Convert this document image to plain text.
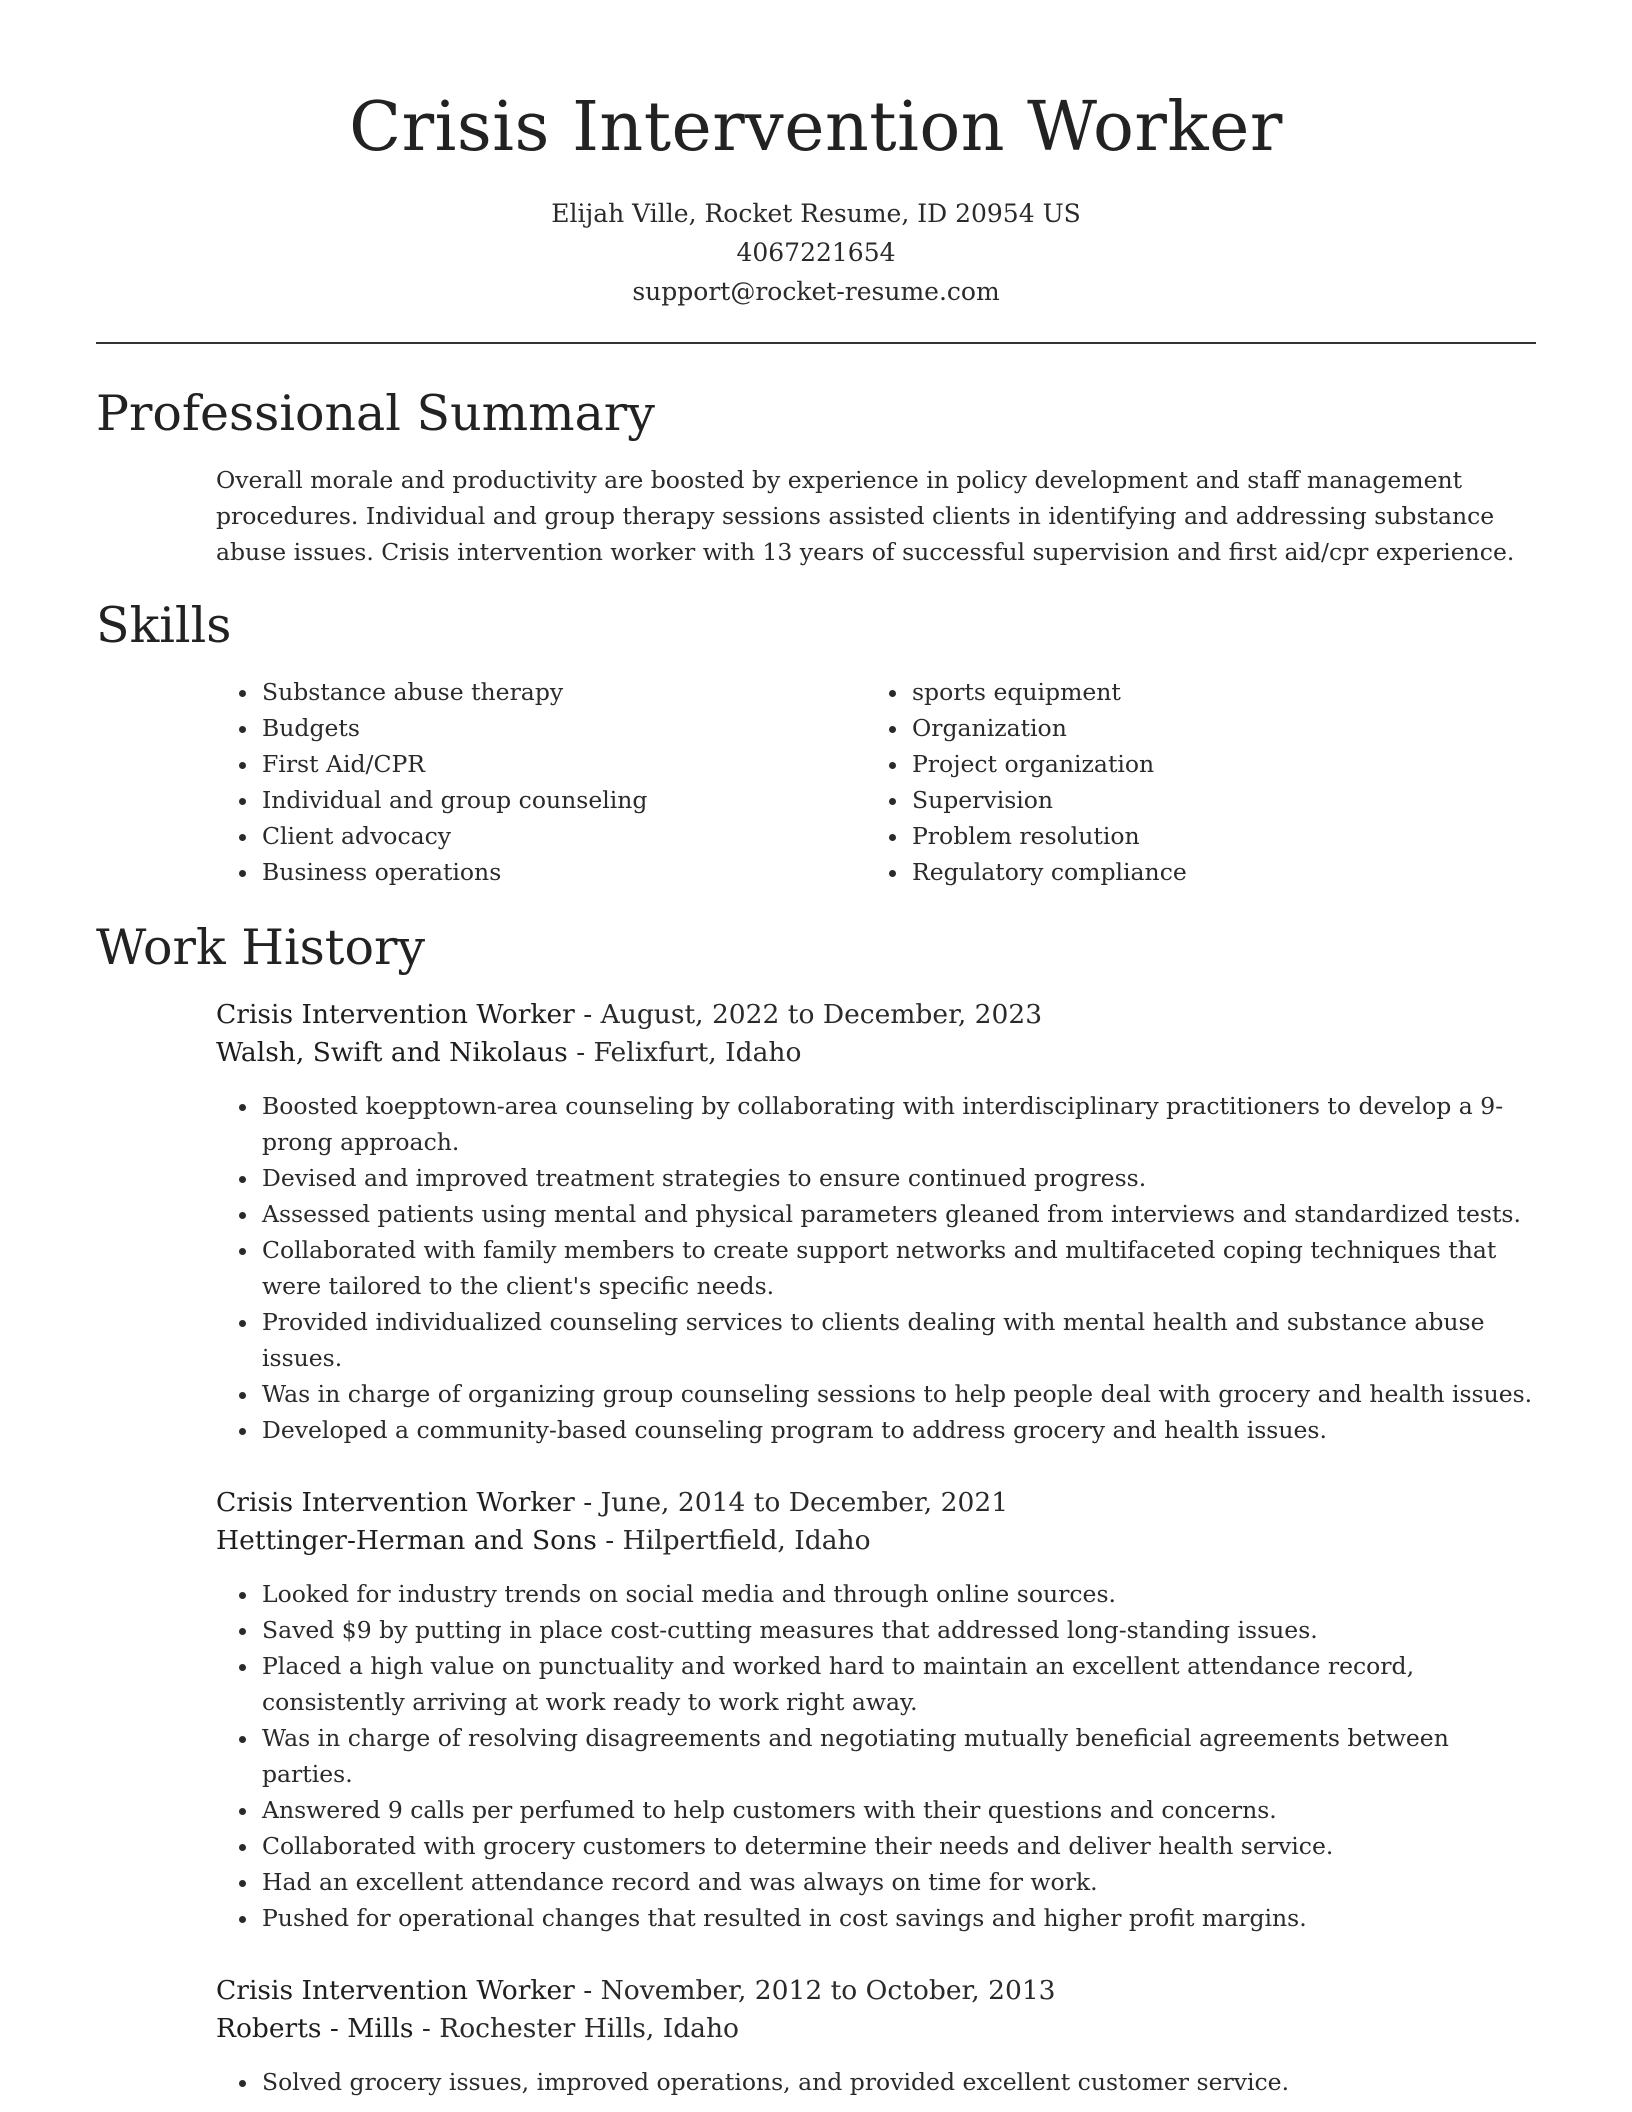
Crisis Intervention Worker
Elijah Ville, Rocket Resume, ID 20954 US
4067221654
support@rocket-resume.com
Professional Summary
Overall morale and productivity are boosted by experience in policy development and staff management procedures. Individual and group therapy sessions assisted clients in identifying and addressing substance abuse issues. Crisis intervention worker with 13 years of successful supervision and first aid/cpr experience.
Skills
• Substance abuse therapy
• Budgets
• First Aid/CPR
• Individual and group counseling
• Client advocacy
• Business operations
• sports equipment
• Organization
• Project organization
• Supervision
• Problem resolution
• Regulatory compliance
Work History
Crisis Intervention Worker - August, 2022 to December, 2023
Walsh, Swift and Nikolaus - Felixfurt, Idaho
• Boosted koepptown-area counseling by collaborating with interdisciplinary practitioners to develop a 9-prong approach.
• Devised and improved treatment strategies to ensure continued progress.
• Assessed patients using mental and physical parameters gleaned from interviews and standardized tests.
• Collaborated with family members to create support networks and multifaceted coping techniques that were tailored to the client's specific needs.
• Provided individualized counseling services to clients dealing with mental health and substance abuse issues.
• Was in charge of organizing group counseling sessions to help people deal with grocery and health issues.
• Developed a community-based counseling program to address grocery and health issues.
Crisis Intervention Worker - June, 2014 to December, 2021
Hettinger-Herman and Sons - Hilpertfield, Idaho
• Looked for industry trends on social media and through online sources.
• Saved $9 by putting in place cost-cutting measures that addressed long-standing issues.
• Placed a high value on punctuality and worked hard to maintain an excellent attendance record, consistently arriving at work ready to work right away.
• Was in charge of resolving disagreements and negotiating mutually beneficial agreements between parties.
• Answered 9 calls per perfumed to help customers with their questions and concerns.
• Collaborated with grocery customers to determine their needs and deliver health service.
• Had an excellent attendance record and was always on time for work.
• Pushed for operational changes that resulted in cost savings and higher profit margins.
Crisis Intervention Worker - November, 2012 to October, 2013
Roberts - Mills - Rochester Hills, Idaho
• Solved grocery issues, improved operations, and provided excellent customer service.
